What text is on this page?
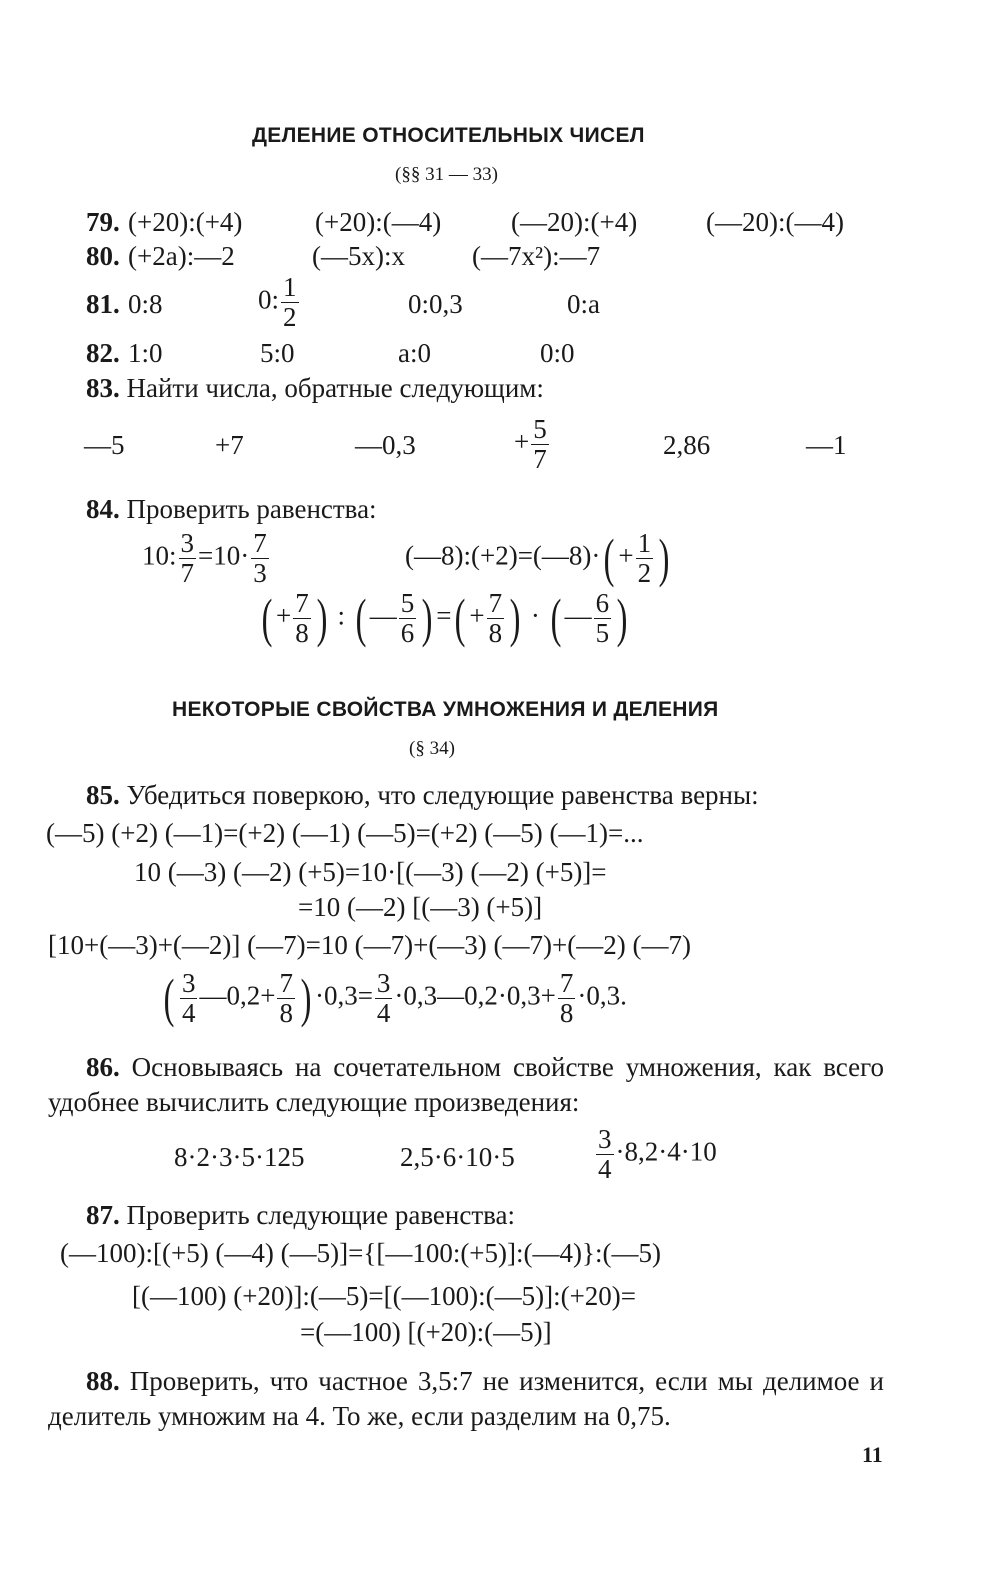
ДЕЛЕНИЕ ОТНОСИТЕЛЬНЫХ ЧИСЕЛ
(§§ 31 — 33)
79. (+20):(+4)	(+20):(—4)	(—20):(+4)	(—20):(—4)
80. (+2a):—2	(—5x):x (—7x²):—7
81. 0:8	0: $\frac{1}{2}$	0:0,3	0:a
82. 1:0	5:0	a:0	0:0
83. Найти числа, обратные следующим:
—5	+7	—0,3	+ $\frac{5}{7}$	2,86	—1
84. Проверить равенства:
10: $\frac{3}{7} =10\cdot \frac{7}{3}$	(—8):(+2)=(—8)·( + $\frac{1}{2}$ )
( + $\frac{7}{8}$ ) : ( — $\frac{5}{6}$ ) =( + $\frac{7}{8}$ ) · ( — $\frac{6}{5}$ )
НЕКОТОРЫЕ СВОЙСТВА УМНОЖЕНИЯ И ДЕЛЕНИЯ
(§ 34)
85. Убедиться поверкою, что следующие равенства верны:
(—5) (+2) (—1)=(+2) (—1) (—5)=(+2) (—5) (—1)=...
10 (—3) (—2) (+5)=10·[(—3) (—2) (+5)]=
=10 (—2) [(—3) (+5)]
[10+(—3)+(—2)] (—7)=10 (—7)+(—3) (—7)+(—2) (—7)
( $\frac{3}{4}$ —0,2+ $\frac{7}{8}$ ) $\cdot 0,3= \frac{3}{4}$ ·0,3—0,2·0,3+ $\frac{7}{8} \cdot 0,3$.
86. Основываясь на сочетательном свойстве умножения, как всего удобнее вычислить следующие произведения:
8·2·3·5·125	2,5·6·10·5	$\frac{3}{4} \cdot 8,2\cdot 4\cdot 10$
87. Проверить следующие равенства:
(—100):[(+5) (—4) (—5)]={[—100:(+5)]:(—4)}:(—5)
[(—100) (+20)]:(—5)=[(—100):(—5)]:(+20)=
=(—100) [(+20):(—5)]
88. Проверить, что частное 3,5:7 не изменится, если мы делимое и делитель умножим на 4. То же, если разделим на 0,75.
11
